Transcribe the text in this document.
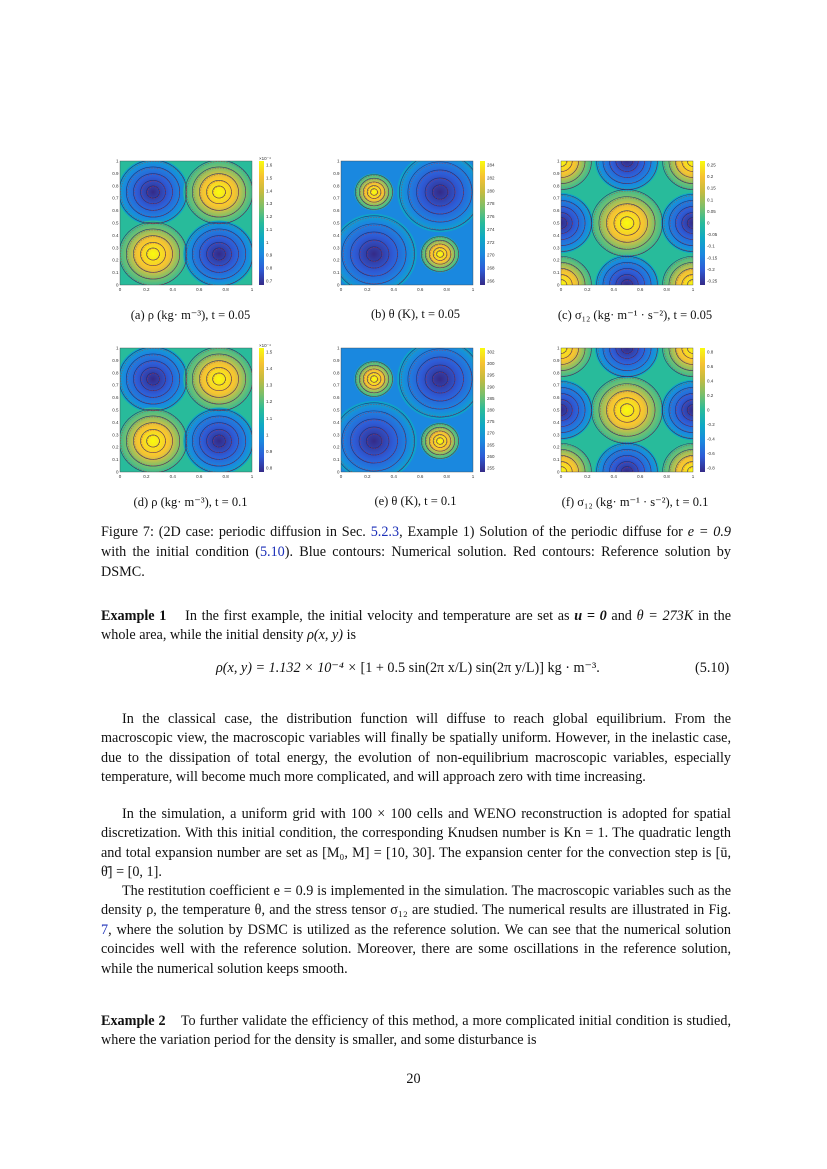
0	0.2	0.4	0.6	0.8	1
1
0.9
0.8
0.7
0.6
0.5
0.4
0.3
0.2
0.1
0
1.6
1.5
1.4
1.3
1.2
1.1
1
0.9
0.8
0.7
×10⁻⁴
0	0.2	0.4	0.6	0.8	1
1
0.9
0.8
0.7
0.6
0.5
0.4
0.3
0.2
0.1
0
284
282
280
278
276
274
272
270
268
266
0	0.2	0.4	0.6	0.8	1
1
0.9
0.8
0.7
0.6
0.5
0.4
0.3
0.2
0.1
0
0.25
0.2
0.15
0.1
0.05
0
-0.05
-0.1
-0.15
-0.2
-0.25
0	0.2	0.4	0.6	0.8	1
1
0.9
0.8
0.7
0.6
0.5
0.4
0.3
0.2
0.1
0
1.5
1.4
1.3
1.2
1.1
1
0.9
0.8
×10⁻⁴
0	0.2	0.4	0.6	0.8	1
1
0.9
0.8
0.7
0.6
0.5
0.4
0.3
0.2
0.1
0
302
300
295
290
285
280
275
270
265
260
255
0	0.2	0.4	0.6	0.8	1
1
0.9
0.8
0.7
0.6
0.5
0.4
0.3
0.2
0.1
0
0.8
0.6
0.4
0.2
0
-0.2
-0.4
-0.6
-0.8
(a) ρ (kg· m⁻³), t = 0.05	(b) θ (K), t = 0.05	(c) σ₁₂ (kg· m⁻¹ · s⁻²), t = 0.05
(d) ρ (kg· m⁻³), t = 0.1	(e) θ (K), t = 0.1	(f) σ₁₂ (kg· m⁻¹ · s⁻²), t = 0.1
Figure 7: (2D case: periodic diffusion in Sec. 5.2.3, Example 1) Solution of the periodic diffuse for e = 0.9 with the initial condition (5.10). Blue contours: Numerical solution. Red contours: Reference solution by DSMC.
Example 1 In the first example, the initial velocity and temperature are set as u = 0 and θ = 273K in the whole area, while the initial density ρ(x, y) is
ρ(x, y) = 1.132 × 10⁻⁴ × [1 + 0.5 sin(2π x/L) sin(2π y/L)] kg · m⁻³.	(5.10)
In the classical case, the distribution function will diffuse to reach global equilibrium. From the macroscopic view, the macroscopic variables will finally be spatially uniform. However, in the inelastic case, due to the dissipation of total energy, the evolution of non-equilibrium macroscopic variables, especially temperature, will become much more complicated, and will approach zero with time increasing.
In the simulation, a uniform grid with 100 × 100 cells and WENO reconstruction is adopted for spatial discretization. With this initial condition, the corresponding Knudsen number is Kn = 1. The quadratic length and total expansion number are set as [M₀, M] = [10, 30]. The expansion center for the convection step is [ū, θ̄] = [0, 1].
The restitution coefficient e = 0.9 is implemented in the simulation. The macroscopic variables such as the density ρ, the temperature θ, and the stress tensor σ₁₂ are studied. The numerical results are illustrated in Fig. 7, where the solution by DSMC is utilized as the reference solution. We can see that the numerical solution coincides well with the reference solution. Moreover, there are some oscillations in the reference solution, while the numerical solution keeps smooth.
Example 2 To further validate the efficiency of this method, a more complicated initial condition is studied, where the variation period for the density is smaller, and some disturbance is
20
